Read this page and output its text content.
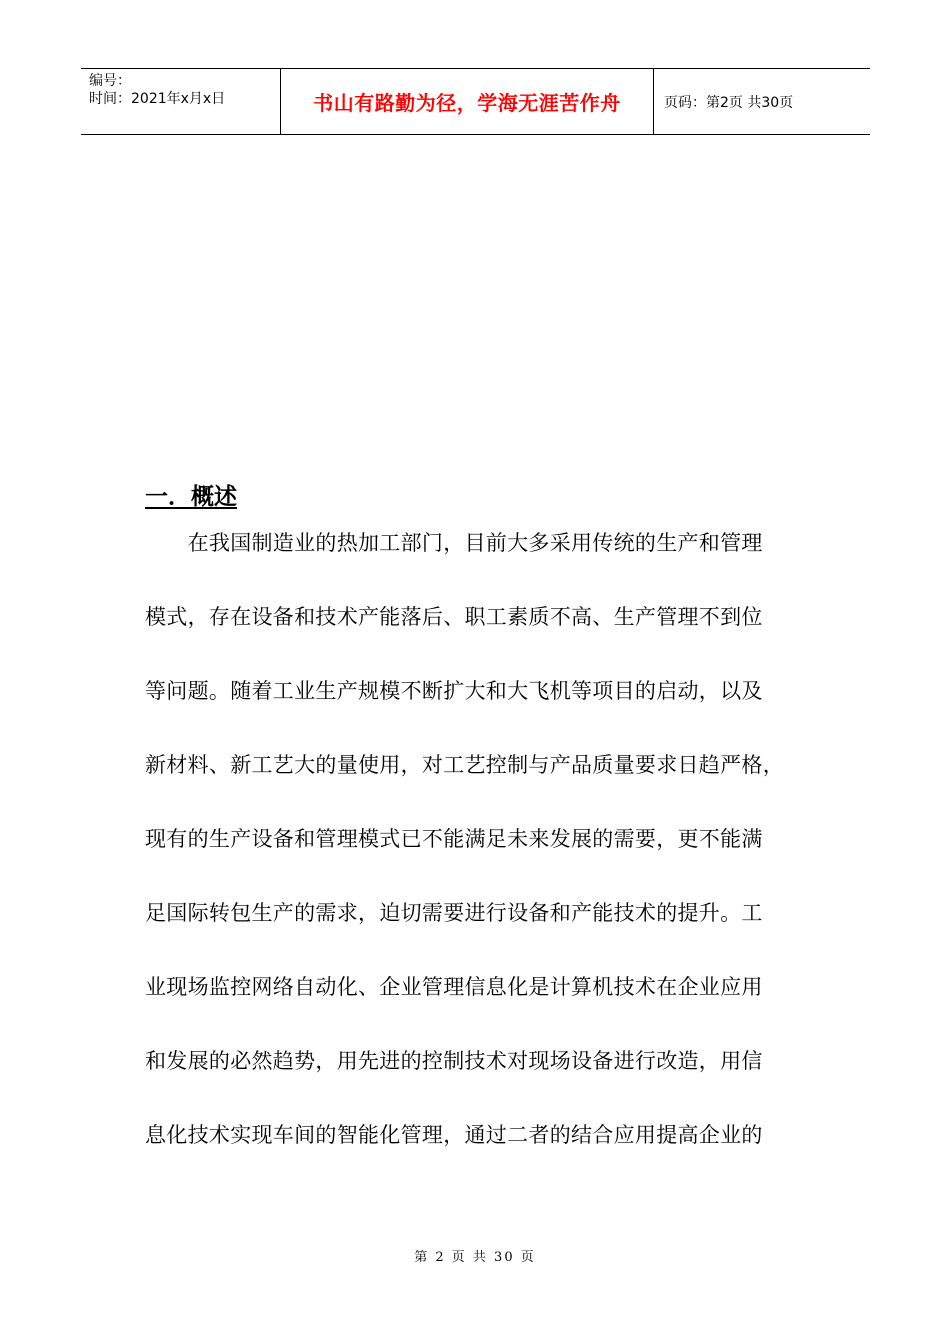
编号：
时间：2021年x月x日	书山有路勤为径，学海无涯苦作舟	页码：第2页 共30页
一．概述
　　在我国制造业的热加工部门，目前大多采用传统的生产和管理
模式，存在设备和技术产能落后、职工素质不高、生产管理不到位
等问题。随着工业生产规模不断扩大和大飞机等项目的启动，以及
新材料、新工艺大的量使用，对工艺控制与产品质量要求日趋严格，
现有的生产设备和管理模式已不能满足未来发展的需要，更不能满
足国际转包生产的需求，迫切需要进行设备和产能技术的提升。工
业现场监控网络自动化、企业管理信息化是计算机技术在企业应用
和发展的必然趋势，用先进的控制技术对现场设备进行改造，用信
息化技术实现车间的智能化管理，通过二者的结合应用提高企业的
第 2 页 共 30 页
